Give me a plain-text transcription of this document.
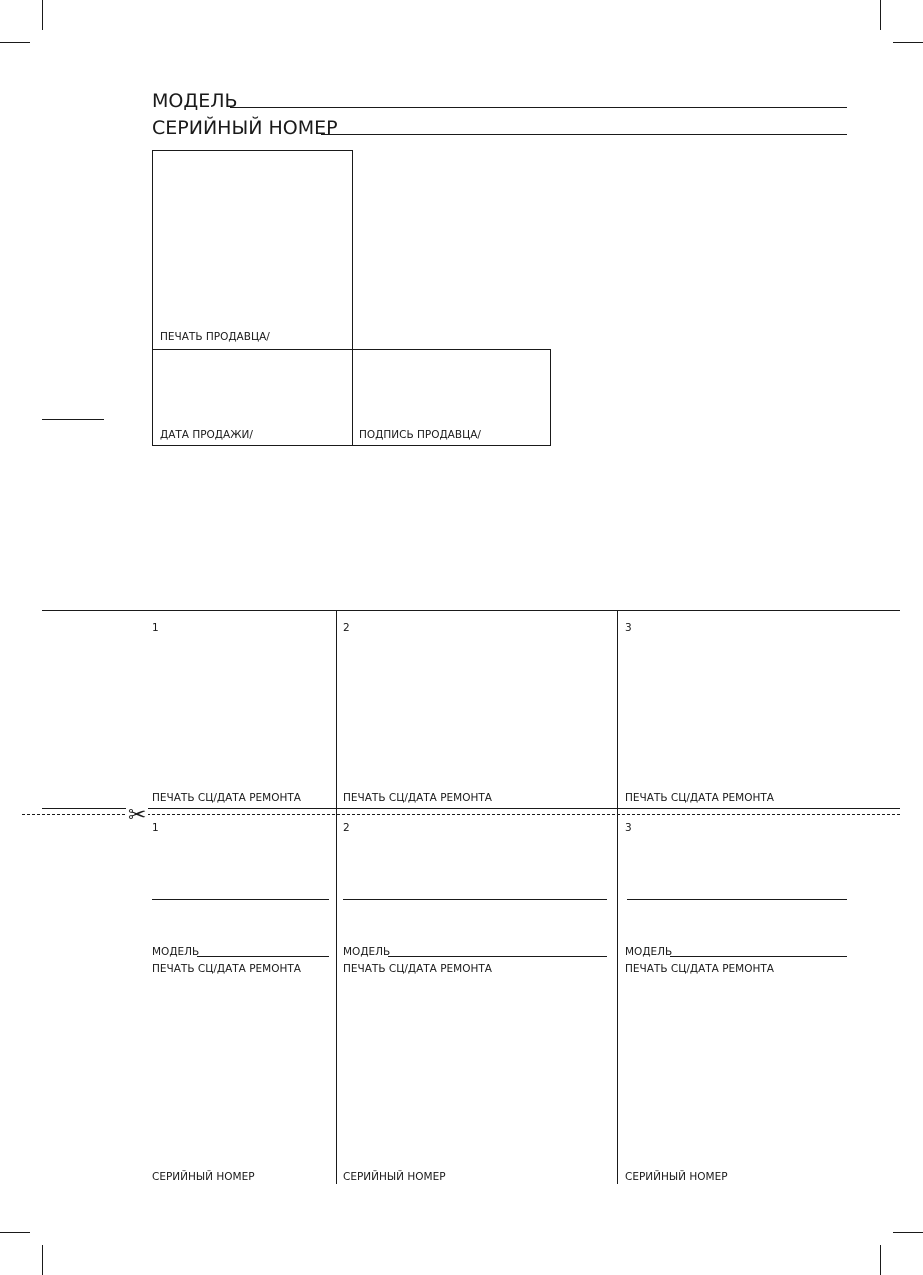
МОДЕЛЬ
СЕРИЙНЫЙ НОМЕР
ПЕЧАТЬ ПРОДАВЦА/
ДАТА ПРОДАЖИ/	ПОДПИСЬ ПРОДАВЦА/
1	2	3
ПЕЧАТЬ СЦ/ДАТА РЕМОНТА	ПЕЧАТЬ СЦ/ДАТА РЕМОНТА	ПЕЧАТЬ СЦ/ДАТА РЕМОНТА
✂ 1	2	3
МОДЕЛЬ	МОДЕЛЬ	МОДЕЛЬ
ПЕЧАТЬ СЦ/ДАТА РЕМОНТА	ПЕЧАТЬ СЦ/ДАТА РЕМОНТА	ПЕЧАТЬ СЦ/ДАТА РЕМОНТА
СЕРИЙНЫЙ НОМЕР	СЕРИЙНЫЙ НОМЕР	СЕРИЙНЫЙ НОМЕР
